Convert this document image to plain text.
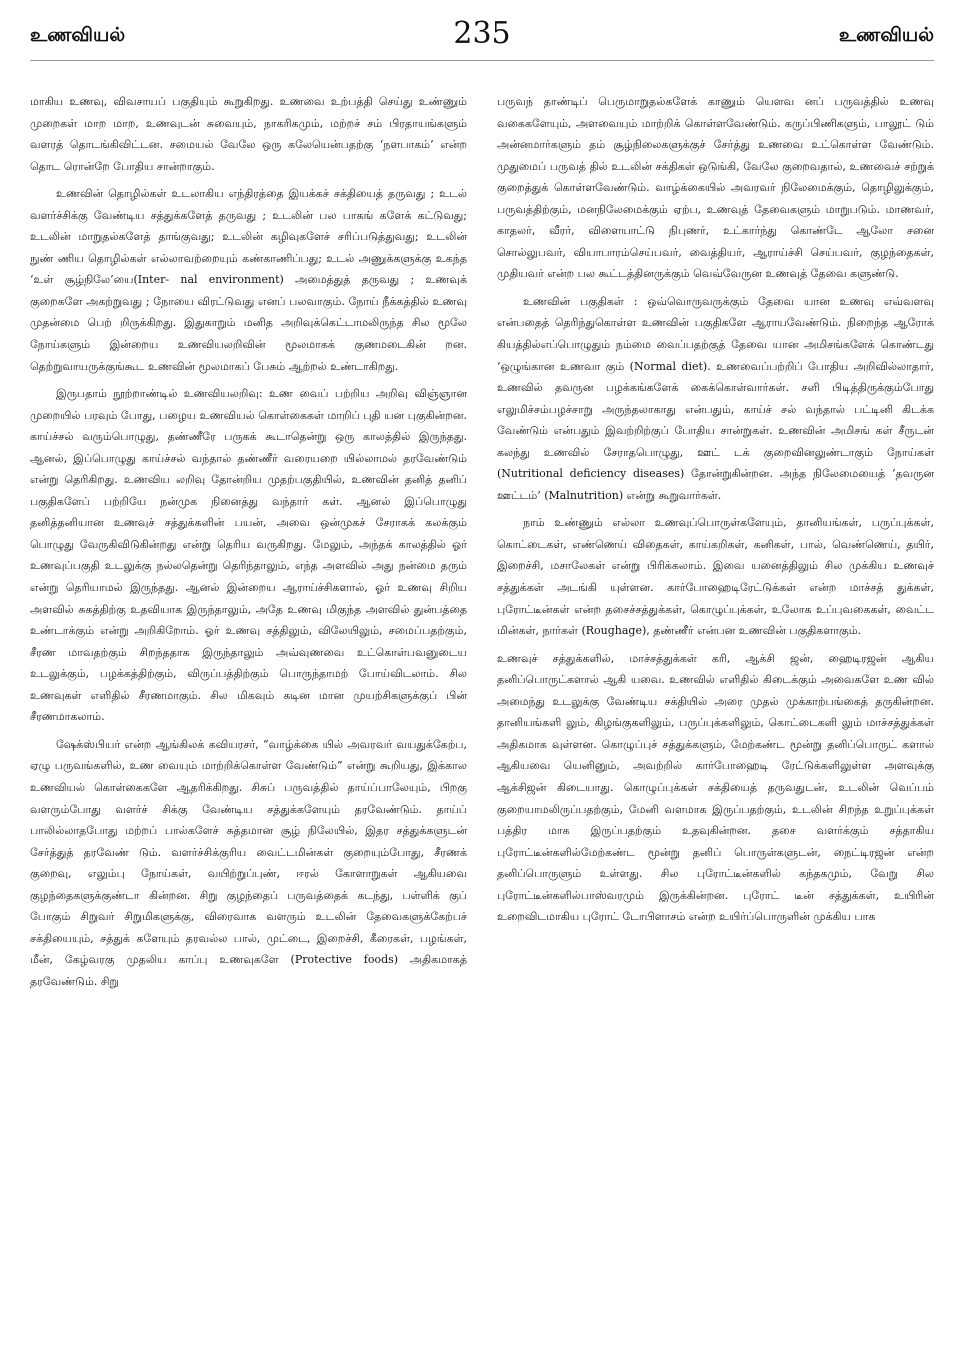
உணவியல்	235	உணவியல்

மாகிய உணவு, விவசாயப் பகுதியும் கூறுகிறது. உணவை உற்பத்தி செய்து உண்ணும் முறைகள் மாற மாற, உணவுடன் சுவையும், நாகரிகமும், மற்றச் சம் பிரதாயங்களும் வளரத் தொடங்கிவிட்டன. சமையல் வேலே ஒரு கலேயென்பதற்கு ‘நளபாகம்’ என்ற தொட ரொன்றே போதிய சான்றாகும்.

உணவின் தொழில்கள் உடலாகிய எந்திரத்தை இயக்கச் சக்தியைத் தருவது ; உடல் வளர்ச்சிக்கு வேண்டிய சத்துக்களேத் தருவது ; உடலின் பல பாகங் களேக் கட்டுவது; உடலின் மாறுதல்களேத் தாங்குவது; உடலின் கழிவுகளேச் சரிப்படுத்துவது; உடலின் நுண் ணிய தொழில்கள் எல்லாவற்றையும் கண்காணிப்பது; உடல் அணுக்களுக்கு உகந்த ‘உள் சூழ்நிலே’யை(Inter- nal environment) அமைத்துத் தருவது ; உணவுக் குறைகளே அகற்றுவது ; நோயை விரட்டுவது எனப் பலவாகும். நோய் நீக்கத்தில் உணவு முதன்மை பெற் றிருக்கிறது. இதுகாறும் மனித அறிவுக்கெட்டாமலிருந்த சில மூலே நோய்களும் இன்றைய உணவியலறிவின் மூலமாகக் குணமடைகின் றன. தெற்றுவாயருக்குங்கூட உணவின் மூலமாகப் பேசும் ஆற்றல் உண்டாகிறது.

இருபதாம் நூற்றாண்டில் உணவியலறிவு: உண வைப் பற்றிய அறிவு விஞ்ஞான முறையில் பரவும் போது, பழைய உணவியல் கொள்கைகள் மாறிப் புதி யன புகுகின்றன. காய்ச்சல் வரும்பொழுது, தண்ணீரே பருகக் கூடாதென்று ஒரு காலத்தில் இருந்தது. ஆனல், இப்பொழுது காய்ச்சல் வந்தால் தண்ணீர் வரையறை யில்லாமல் தரவேண்டும் என்று தெரிகிறது. உணவிய லறிவு தோன்றிய முதற்பகுதியில், உணவின் தனித் தனிப் பகுதிகளேப் பற்றியே நன்முக நினைத்து வந்தார் கள். ஆனல் இப்பொழுது தனித்தனியான உணவுச் சத்துக்களின் பயன், அவை ஒன்முகச் சேராகக் கலக்கும் பொழுது வேருகிவிடுகின்றது என்று தெரிய வருகிறது. மேலும், அந்தக் காலத்தில் ஓர் உணவுப்பகுதி உடலுக்கு நல்லதென்று தெரிந்தாலும், எந்த அளவில் அது நன்மை தரும் என்று தெரியாமல் இருந்தது. ஆனல் இன்றைய ஆராய்ச்சிகளால், ஓர் உணவு சிறிய அளவில் சுகத்திற்கு உதவியாக இருந்தாலும், அதே உணவு மிகுந்த அளவில் துன்பத்தை உண்டாக்கும் என்று அறிகிறோம். ஓர் உணவு சத்திலும், விலேயிலும், சமைப்பதற்கும், சீரண மாவதற்கும் சிறந்ததாக இருந்தாலும் அவ்வுணவை உட்கொள்பவனுடைய உடலுக்கும், பழக்கத்திற்கும், விருப்பத்திற்கும் பொருந்தாமற் போய்விடலாம். சில உணவுகள் எளிதில் சீரணமாகும். சில மிகவும் கடின மான முயற்சிகளுக்குப் பின் சீரணமாகலாம்.

ஷேக்ஸ்பியர் என்ற ஆங்கிலக் கவியரசர், “வாழ்க்கை யில் அவரவர் வயதுக்கேற்ப, ஏழு பருவங்களில், உண வையும் மாற்றிக்கொள்ள வேண்டும்” என்று கூறியது, இக்கால உணவியல் கொள்கைகளே ஆதரிக்கிறது. சிசுப் பருவத்தில் தாய்ப்பாலேயும், பிறகு வளரும்போது வளர்ச் சிக்கு வேண்டிய சத்துக்களேயும் தரவேண்டும். தாய்ப் பாலில்லாதபோது மற்றப் பால்களேச் சுத்தமான சூழ் நிலேயில், இதர சத்துக்களுடன் சேர்த்துத் தரவேண் டும். வளர்ச்சிக்குரிய வைட்டமின்கள் குறையும்போது, சீரணக் குறைவு, எலும்பு நோய்கள், வயிற்றுப்புண், ஈரல் கோளாறுகள் ஆகியவை குழந்தைகளுக்குண்டா கின்றன. சிறு குழந்தைப் பருவத்தைக் கடந்து, பள்ளிக் குப் போகும் சிறுவர் சிறுமிகளுக்கு, விரைவாக வளரும் உடலின் தேவைகளுக்கேற்பச் சக்தியையும், சத்துக் களேயும் தரவல்ல பால், முட்டை, இறைச்சி, கீரைகள், பழங்கள், மீன், கேழ்வரகு முதலிய காப்பு உணவுகளே (Protective foods) அதிகமாகத் தரவேண்டும். சிறு

பருவந் தாண்டிப் பெருமாறுதல்களேக் காணும் யௌவ னப் பருவத்தில் உணவு வகைகளேயும், அளவையும் மாற்றிக் கொள்ளவேண்டும். கருப்பிணிகளும், பாலூட் டும் அன்னமார்களும் தம் சூழ்நிலைகளுக்குச் சேர்த்து உணவை உட்கொள்ள வேண்டும். முதுமைப் பருவத் தில் உடலின் சக்திகள் ஒடுங்கி, வேலே குறைவதால், உணவைச் சற்றுக் குறைத்துக் கொள்ளவேண்டும். வாழ்க்கையில் அவரவர் நிலேமைக்கும், தொழிலுக்கும், பருவத்திற்கும், மனநிலேமைக்கும் ஏற்ப, உணவுத் தேவைகளும் மாறுபடும். மாணவர், காதலர், வீரர், விளையாட்டு நிபுணர், உட்கார்ந்து கொண்டே ஆலோ சனை சொல்லுபவர், வியாபாரம்செய்பவர், வைத்தியர், ஆராய்ச்சி செய்பவர், குழந்தைகள், முதியவர் என்ற பல கூட்டத்தினருக்கும் வெவ்வேருன உணவுத் தேவை களுண்டு.

உணவின் பகுதிகள் : ஒவ்வொருவருக்கும் தேவை யான உணவு எவ்வளவு என்பதைத் தெரிந்துகொள்ள உணவின் பகுதிகளே ஆராயவேண்டும். நிறைந்த ஆரோக் கியத்தில்எப்பொழுதும் நம்மை வைப்பதற்குத் தேவை யான அமிசங்களேக் கொண்டது ‘ஒழுங்கான உணவா கும் (Normal diet). உணவைப்பற்றிப் போதிய அறிவில்லாதார், உணவில் தவருன பழக்கங்களேக் கைக்கொள்வார்கள். சளி பிடித்திருக்கும்போது எலுமிச்சம்பழச்சாறு அருந்தலாகாது என்பதும், காய்ச் சல் வந்தால் பட்டினி கிடக்க வேண்டும் என்பதும் இவற்றிற்குப் போதிய சான்றுகள். உணவின் அமிசங் கள் சீருடன் கலந்து உணவில் சேராதபொழுது, ஊட் டக் குறைவினலுண்டாகும் நோய்கள் (Nutritional deficiency diseases) தோன்றுகின்றன. அந்த நிலேமையைத் ‘தவருன ஊட்டம்’ (Malnutrition) என்று கூறுவார்கள்.

நாம் உண்ணும் எல்லா உணவுப்பொருள்களேயும், தானியங்கள், பருப்புக்கள், கொட்டைகள், எண்ணெய் விதைகள், காய்கறிகள், கனிகள், பால், வெண்ணெய், தயிர், இறைச்சி, மசாலேகள் என்று பிரிக்கலாம். இவை யனைத்திலும் சில முக்கிய உணவுச் சத்துக்கள் அடங்கி யுள்ளன. கார்போஹைடிரேட்டுக்கள் என்ற மாச்சத் துக்கள், புரோட்டீன்கள் என்ற தசைச்சத்துக்கள், கொழுப்புக்கள், உலோக உப்புவகைகள், வைட்ட மின்கள், நார்கள் (Roughage), தண்ணீர் என்பன உணவின் பகுதிகளாகும்.

உணவுச் சத்துக்களில், மாச்சத்துக்கள் கரி, ஆக்சி ஜன், ஹைடிரஜன் ஆகிய தனிப்பொருட்களால் ஆகி யவை. உணவில் எளிதில் கிடைக்கும் அவைகளே உண வில் அமைந்து உடலுக்கு வேண்டிய சக்தியில் அரை முதல் முக்காற்பங்கைத் தருகின்றன. தானியங்களி லும், கிழங்குகளிலும், பருப்புக்களிலும், கொட்டைகளி லும் மாச்சத்துக்கள் அதிகமாக வுள்ளன. கொழுப்புச் சத்துக்களும், மேற்கண்ட மூன்று தனிப்பொருட் களால் ஆகியவை யெனினும், அவற்றில் கார்போஹைடி ரேட்டுக்களிலுள்ள அளவுக்கு ஆக்சிஜன் கிடையாது. கொழுப்புக்கள் சக்தியைத் தருவதுடன், உடலின் வெப்பம் குறையாமலிருப்பதற்கும், மேனி வளமாக இருப்பதற்கும், உடலின் சிறந்த உறுப்புக்கள் பத்திர மாக இருப்பதற்கும் உதவுகின்றன. தசை வளர்க்கும் சத்தாகிய புரோட்டீன்களில்மேற்கண்ட மூன்று தனிப் பொருள்களுடன், நைட்டிரஜன் என்ற தனிப்பொருளும் உள்ளது. சில புரோட்டீன்களில் கந்தகமும், வேறு சில புரோட்டீன்களில்பாஸ்வரமும் இருக்கின்றன. புரோட் டீன் சத்துக்கள், உயிரின் உறைவிடமாகிய புரோட் டோபிளாசம் என்ற உயிர்ப்பொருளின் முக்கிய பாக
